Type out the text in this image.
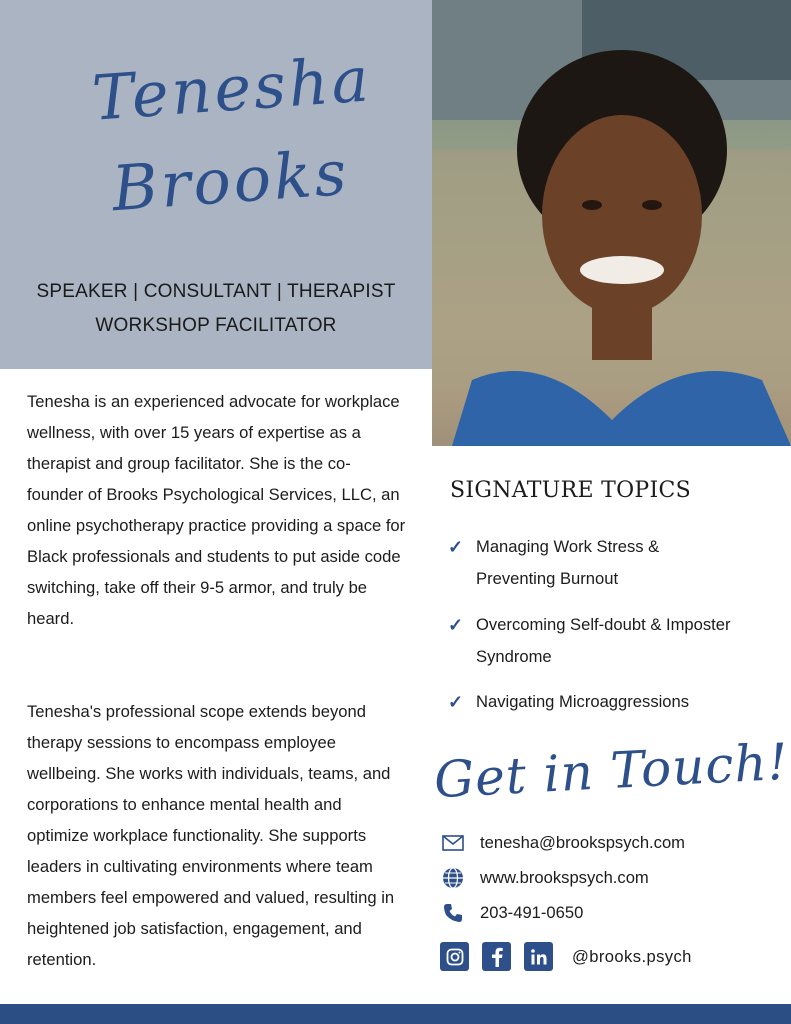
Tenesha
Brooks
SPEAKER | CONSULTANT | THERAPIST
WORKSHOP FACILITATOR
Tenesha is an experienced advocate for workplace wellness, with over 15 years of expertise as a therapist and group facilitator. She is the co-founder of Brooks Psychological Services, LLC, an online psychotherapy practice providing a space for Black professionals and students to put aside code switching, take off their 9-5 armor, and truly be heard.
Tenesha's professional scope extends beyond therapy sessions to encompass employee wellbeing. She works with individuals, teams, and corporations to enhance mental health and optimize workplace functionality. She supports leaders in cultivating environments where team members feel empowered and valued, resulting in heightened job satisfaction, engagement, and retention.
SIGNATURE TOPICS
✓ Managing Work Stress & Preventing Burnout
✓ Overcoming Self-doubt & Imposter Syndrome
✓ Navigating Microaggressions
Get in Touch!
tenesha@brookspsych.com
www.brookspsych.com
203-491-0650
@brooks.psych
